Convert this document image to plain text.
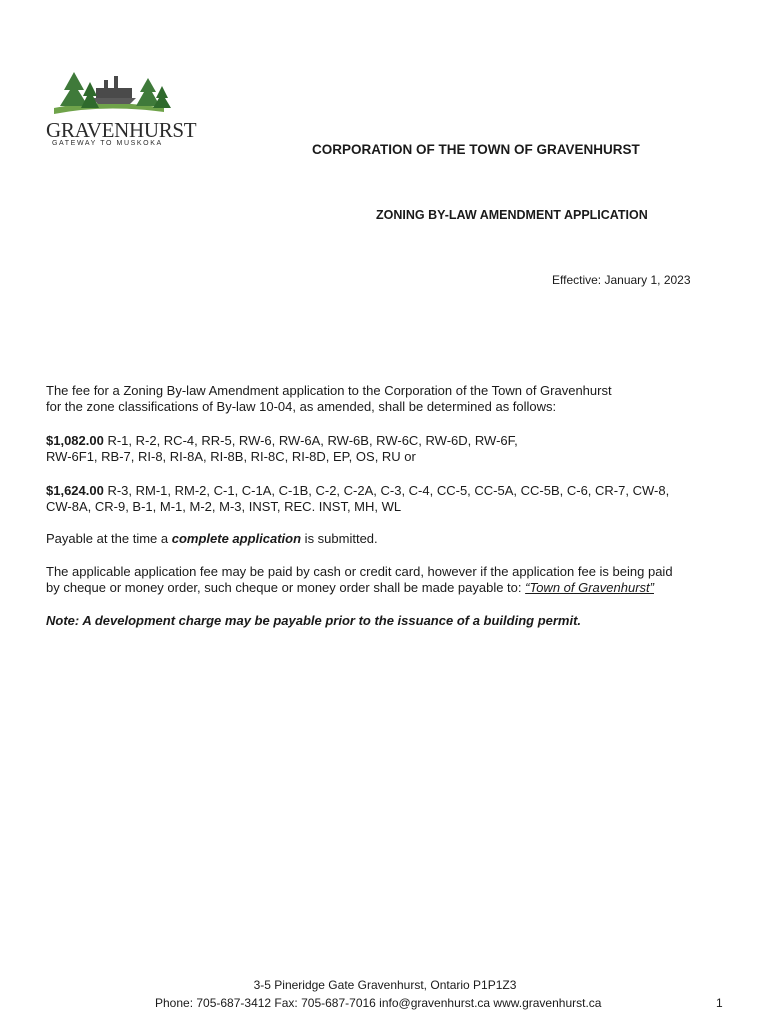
GRAVENHURST
GATEWAY TO MUSKOKA	CORPORATION OF THE TOWN OF GRAVENHURST
ZONING BY-LAW AMENDMENT APPLICATION
Effective: January 1, 2023
The fee for a Zoning By-law Amendment application to the Corporation of the Town of Gravenhurst
for the zone classifications of By-law 10-04, as amended, shall be determined as follows:
$1,082.00 R-1, R-2, RC-4, RR-5, RW-6, RW-6A, RW-6B, RW-6C, RW-6D, RW-6F,
RW-6F1, RB-7, RI-8, RI-8A, RI-8B, RI-8C, RI-8D, EP, OS, RU or
$1,624.00 R-3, RM-1, RM-2, C-1, C-1A, C-1B, C-2, C-2A, C-3, C-4, CC-5, CC-5A, CC-5B, C-6, CR-7, CW-8,
CW-8A, CR-9, B-1, M-1, M-2, M-3, INST, REC. INST, MH, WL
Payable at the time a complete application is submitted.
The applicable application fee may be paid by cash or credit card, however if the application fee is being paid
by cheque or money order, such cheque or money order shall be made payable to: “Town of Gravenhurst”
Note: A development charge may be payable prior to the issuance of a building permit.
3-5 Pineridge Gate Gravenhurst, Ontario P1P1Z3
Phone: 705-687-3412 Fax: 705-687-7016 info@gravenhurst.ca www.gravenhurst.ca	1
